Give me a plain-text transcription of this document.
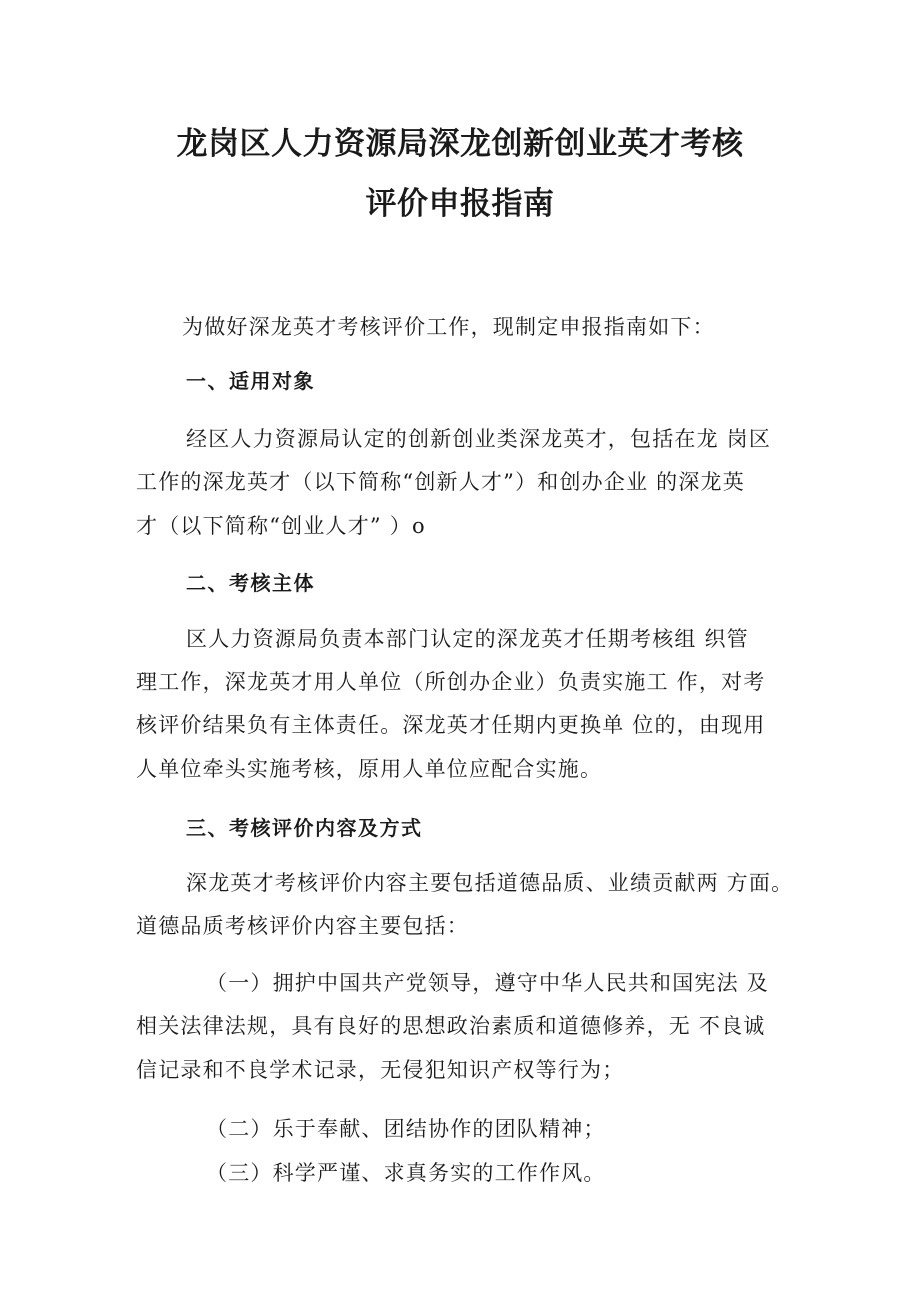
龙岗区人力资源局深龙创新创业英才考核
评价申报指南

为做好深龙英才考核评价工作，现制定申报指南如下：

一、适用对象

经区人力资源局认定的创新创业类深龙英才，包括在龙 岗区

工作的深龙英才（以下简称“创新人才”）和创办企业 的深龙英

才（以下简称“创业人才” ）o

二、考核主体

区人力资源局负责本部门认定的深龙英才任期考核组 织管

理工作，深龙英才用人单位（所创办企业）负责实施工 作，对考

核评价结果负有主体责任。深龙英才任期内更换单 位的，由现用

人单位牵头实施考核，原用人单位应配合实施。

三、考核评价内容及方式

深龙英才考核评价内容主要包括道德品质、业绩贡献两 方面。

道德品质考核评价内容主要包括：

（一）拥护中国共产党领导，遵守中华人民共和国宪法 及

相关法律法规，具有良好的思想政治素质和道德修养，无 不良诚

信记录和不良学术记录，无侵犯知识产权等行为；

（二）乐于奉献、团结协作的团队精神；

（三）科学严谨、求真务实的工作作风。
